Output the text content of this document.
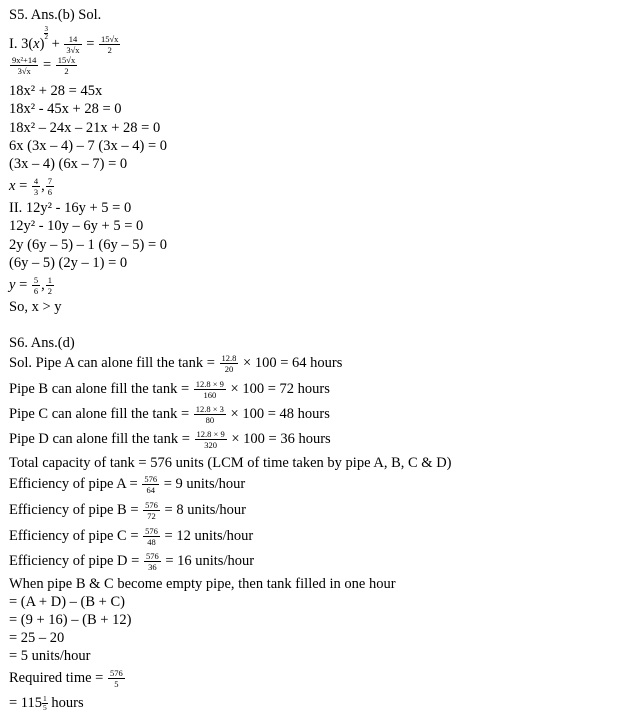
S5. Ans.(b) Sol.
I. 3(x)
$\frac{3}{2}$
+ $\frac{14}{3√x} = \frac{15√x}{2}$
$\frac{\text{9x²+14}}{3√x} = \frac{15√x}{2}$
18x² + 28 = 45x
18x² - 45x + 28 = 0
18x² – 24x – 21x + 28 = 0
6x (3x – 4) – 7 (3x – 4) = 0
(3x – 4) (6x – 7) = 0
$x = \frac{4}{3}$ , $\frac{7}{6}$
II. 12y² - 16y + 5 = 0
12y² - 10y – 6y + 5 = 0
2y (6y – 5) – 1 (6y – 5) = 0
(6y – 5) (2y – 1) = 0
$y = \frac{5}{6}$ , $\frac{1}{2}$
So, x > y
S6. Ans.(d)
Sol. Pipe A can alone fill the $\tan k = \frac{12.8}{20} \times 100 = 64$ hours
Pipe B can alone fill the $\tan k = \frac{12.8 \times 9}{160} \times 100 = 72$ hours
Pipe C can alone fill the $\tan k = \frac{12.8 \times 3}{80} \times 100 = 48$ hours
Pipe D can alone fill the $\tan k = \frac{12.8 \times 9}{320} \times 100 = 36$ hours
Total capacity of tank = 576 units (LCM of time taken by pipe A, B, C & D)
Efficiency of pipe $A = \frac{576}{64} = 9$ units/hour
Efficiency of pipe $B = \frac{576}{72} = 8$ units/hour
Efficiency of pipe $C = \frac{576}{48} = 12$ units/hour
Efficiency of pipe $D = \frac{576}{36} = 16$ units/hour
When pipe B & C become empty pipe, then tank filled in one hour
= (A + D) – (B + C)
= (9 + 16) – (B + 12)
= 25 – 20
= 5 units/hour
Required time = $\frac{576}{5}$
= $115 \frac{1}{5}$ hours
